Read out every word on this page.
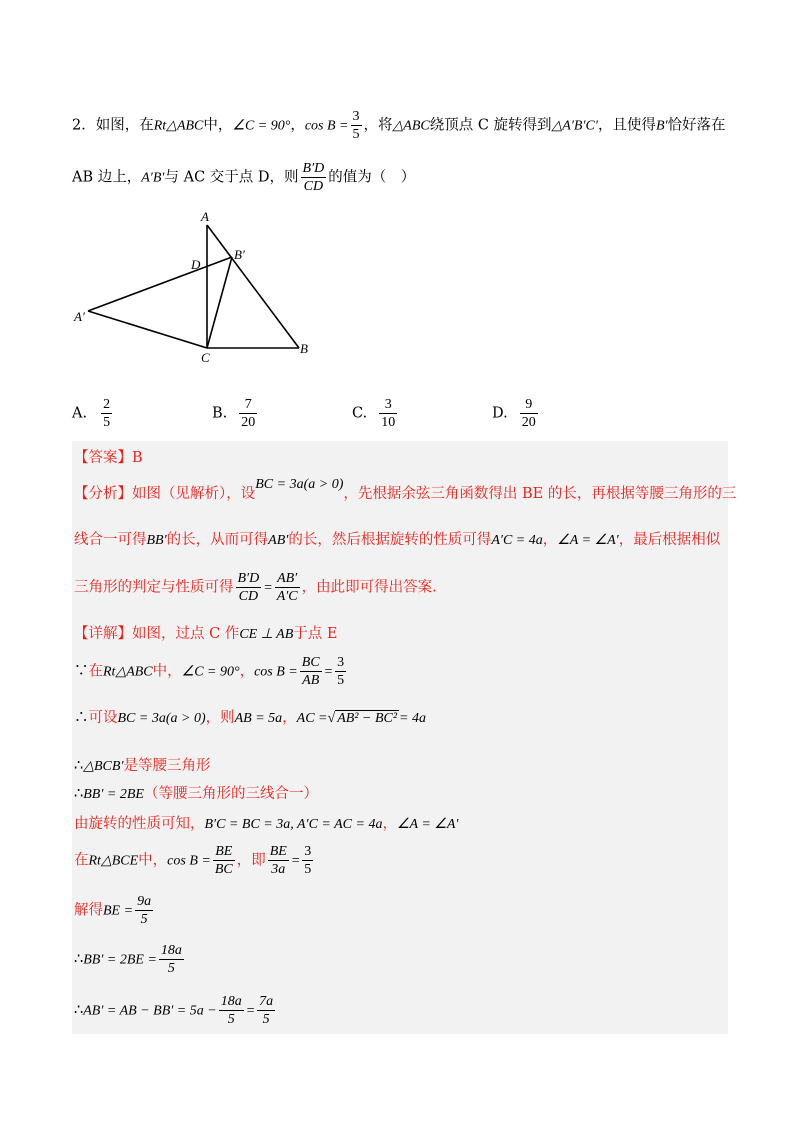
2．如图，在Rt△ABC中，∠C = 90°，$\cos B = \frac{3}{5}$ ，将△ABC绕顶点 C 旋转得到△A′B′C′，且使得B′恰好落在
AB 边上，A′B′与 AC 交于点 D，则 $\frac{B'D}{CD}$ 的值为（　）
A
D
B′
A′
C
B
A. $\frac{2}{5}$	B. $\frac{7}{20}$	C. $\frac{3}{10}$	D. $\frac{9}{20}$
【答案】B
【分析】如图（见解析），设BC = 3a(a > 0)，先根据余弦三角函数得出 BE 的长，再根据等腰三角形的三
线合一可得BB′的长，从而可得AB′的长，然后根据旋转的性质可得A′C = 4a，∠A = ∠A′，最后根据相似
三角形的判定与性质可得 $\frac{B'D}{CD} = \frac{AB'}{A'C}$ ，由此即可得出答案.
【详解】如图，过点 C 作CE ⊥ AB于点 E
∵在Rt△ABC中，∠C = 90°，$\cos B = \frac{BC}{AB} = \frac{3}{5}$
∴可设BC = 3a(a > 0)，则AB = 5a，AC =√ AB² − BC² = 4a
∴△BCB′是等腰三角形
∴BB′ = 2BE（等腰三角形的三线合一）
由旋转的性质可知，B′C = BC = 3a, A′C = AC = 4a，∠A = ∠A′
在Rt△BCE中，$\cos B = \frac{BE}{BC}$ ，即 $\frac{BE}{3a} = \frac{3}{5}$
解得BE = $\frac{9a}{5}$
∴BB′ = $2BE = \frac{18a}{5}$
∴AB′ = AB − $BB' = 5a - \frac{18a}{5} = \frac{7a}{5}$
